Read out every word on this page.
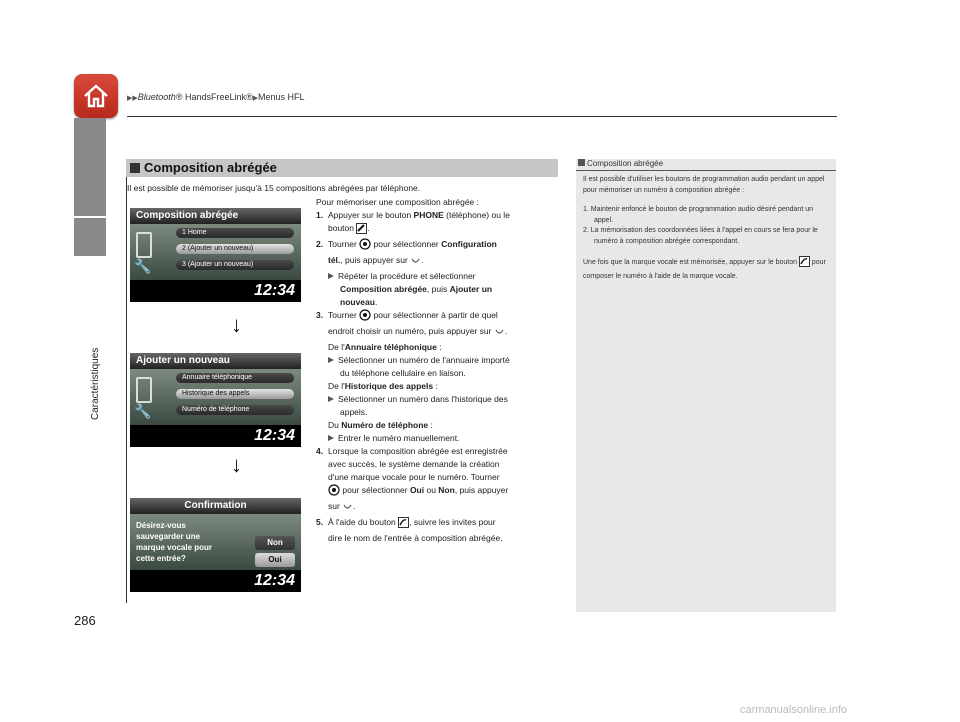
▶▶Bluetooth® HandsFreeLink®▶Menus HFL
Caractéristiques
286
Composition abrégée
Il est possible de mémoriser jusqu'à 15 compositions abrégées par téléphone.
Composition abrégée
🔧
1 Home
2 (Ajouter un nouveau)
3 (Ajouter un nouveau)
12:34
↓
Ajouter un nouveau
🔧
Annuaire téléphonique
Historique des appels
Numéro de téléphone
12:34
↓
Confirmation
Désirez-vous
sauvegarder une
marque vocale pour
cette entrée?
Non
Oui
12:34
Pour mémoriser une composition abrégée :
1. Appuyer sur le bouton PHONE (téléphone) ou le
bouton .
2. Tourner  pour sélectionner Configuration
tél., puis appuyer sur .
Répéter la procédure et sélectionner
Composition abrégée, puis Ajouter un
nouveau.
3. Tourner  pour sélectionner à partir de quel
endroit choisir un numéro, puis appuyer sur .
De l'Annuaire téléphonique :
Sélectionner un numéro de l'annuaire importé
du téléphone cellulaire en liaison.
De l'Historique des appels :
Sélectionner un numéro dans l'historique des
appels.
Du Numéro de téléphone :
Entrer le numéro manuellement.
4. Lorsque la composition abrégée est enregistrée
avec succès, le système demande la création
d'une marque vocale pour le numéro. Tourner
pour sélectionner Oui ou Non, puis appuyer
sur .
5. À l'aide du bouton , suivre les invites pour
dire le nom de l'entrée à composition abrégée.
Composition abrégée

Il est possible d'utiliser les boutons de programmation audio pendant un appel pour mémoriser un numéro à composition abrégée :

1. Maintenir enfoncé le bouton de programmation audio désiré pendant un appel.
2. La mémorisation des coordonnées liées à l'appel en cours se fera pour le numéro à composition abrégée correspondant.

Une fois que la marque vocale est mémorisée, appuyer sur le bouton  pour composer le numéro à l'aide de la marque vocale.

carmanualsonline.info
